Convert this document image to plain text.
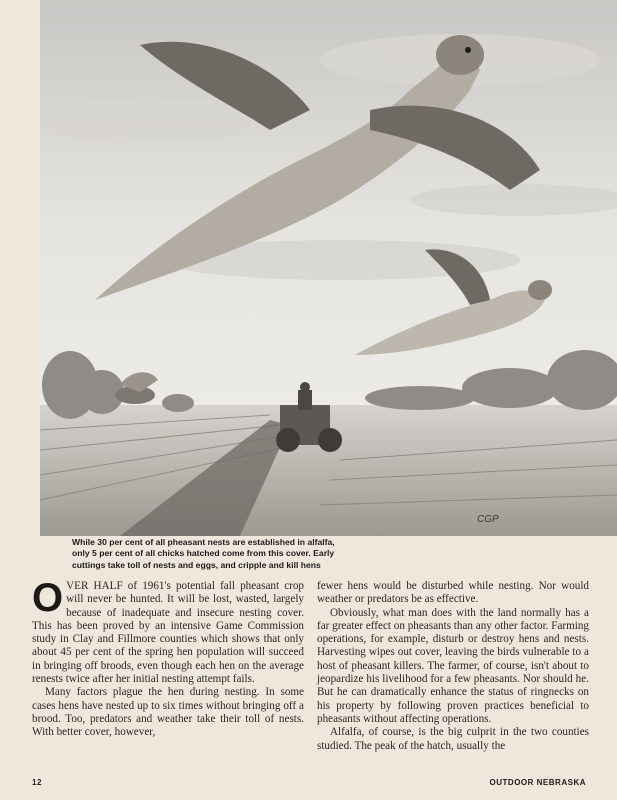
CGP
While 30 per cent of all pheasant nests are established in alfalfa,
only 5 per cent of all chicks hatched come from this cover. Early
cuttings take toll of nests and eggs, and cripple and kill hens

OVER HALF of 1961's potential fall pheasant crop will never be hunted. It will be lost, wasted, largely because of inadequate and insecure nesting cover. This has been proved by an intensive Game Commission study in Clay and Fillmore counties which shows that only about 45 per cent of the spring hen population will succeed in bringing off broods, even though each hen on the average renests twice after her initial nesting attempt fails.

Many factors plague the hen during nesting. In some cases hens have nested up to six times without bringing off a brood. Too, predators and weather take their toll of nests. With better cover, however,

fewer hens would be disturbed while nesting. Nor would weather or predators be as effective.

Obviously, what man does with the land normally has a far greater effect on pheasants than any other factor. Farming operations, for example, disturb or destroy hens and nests. Harvesting wipes out cover, leaving the birds vulnerable to a host of pheasant killers. The farmer, of course, isn't about to jeopardize his livelihood for a few pheasants. Nor should he. But he can dramatically enhance the status of ringnecks on his property by following proven practices beneficial to pheasants without affecting operations.

Alfalfa, of course, is the big culprit in the two counties studied. The peak of the hatch, usually the

12	OUTDOOR NEBRASKA
